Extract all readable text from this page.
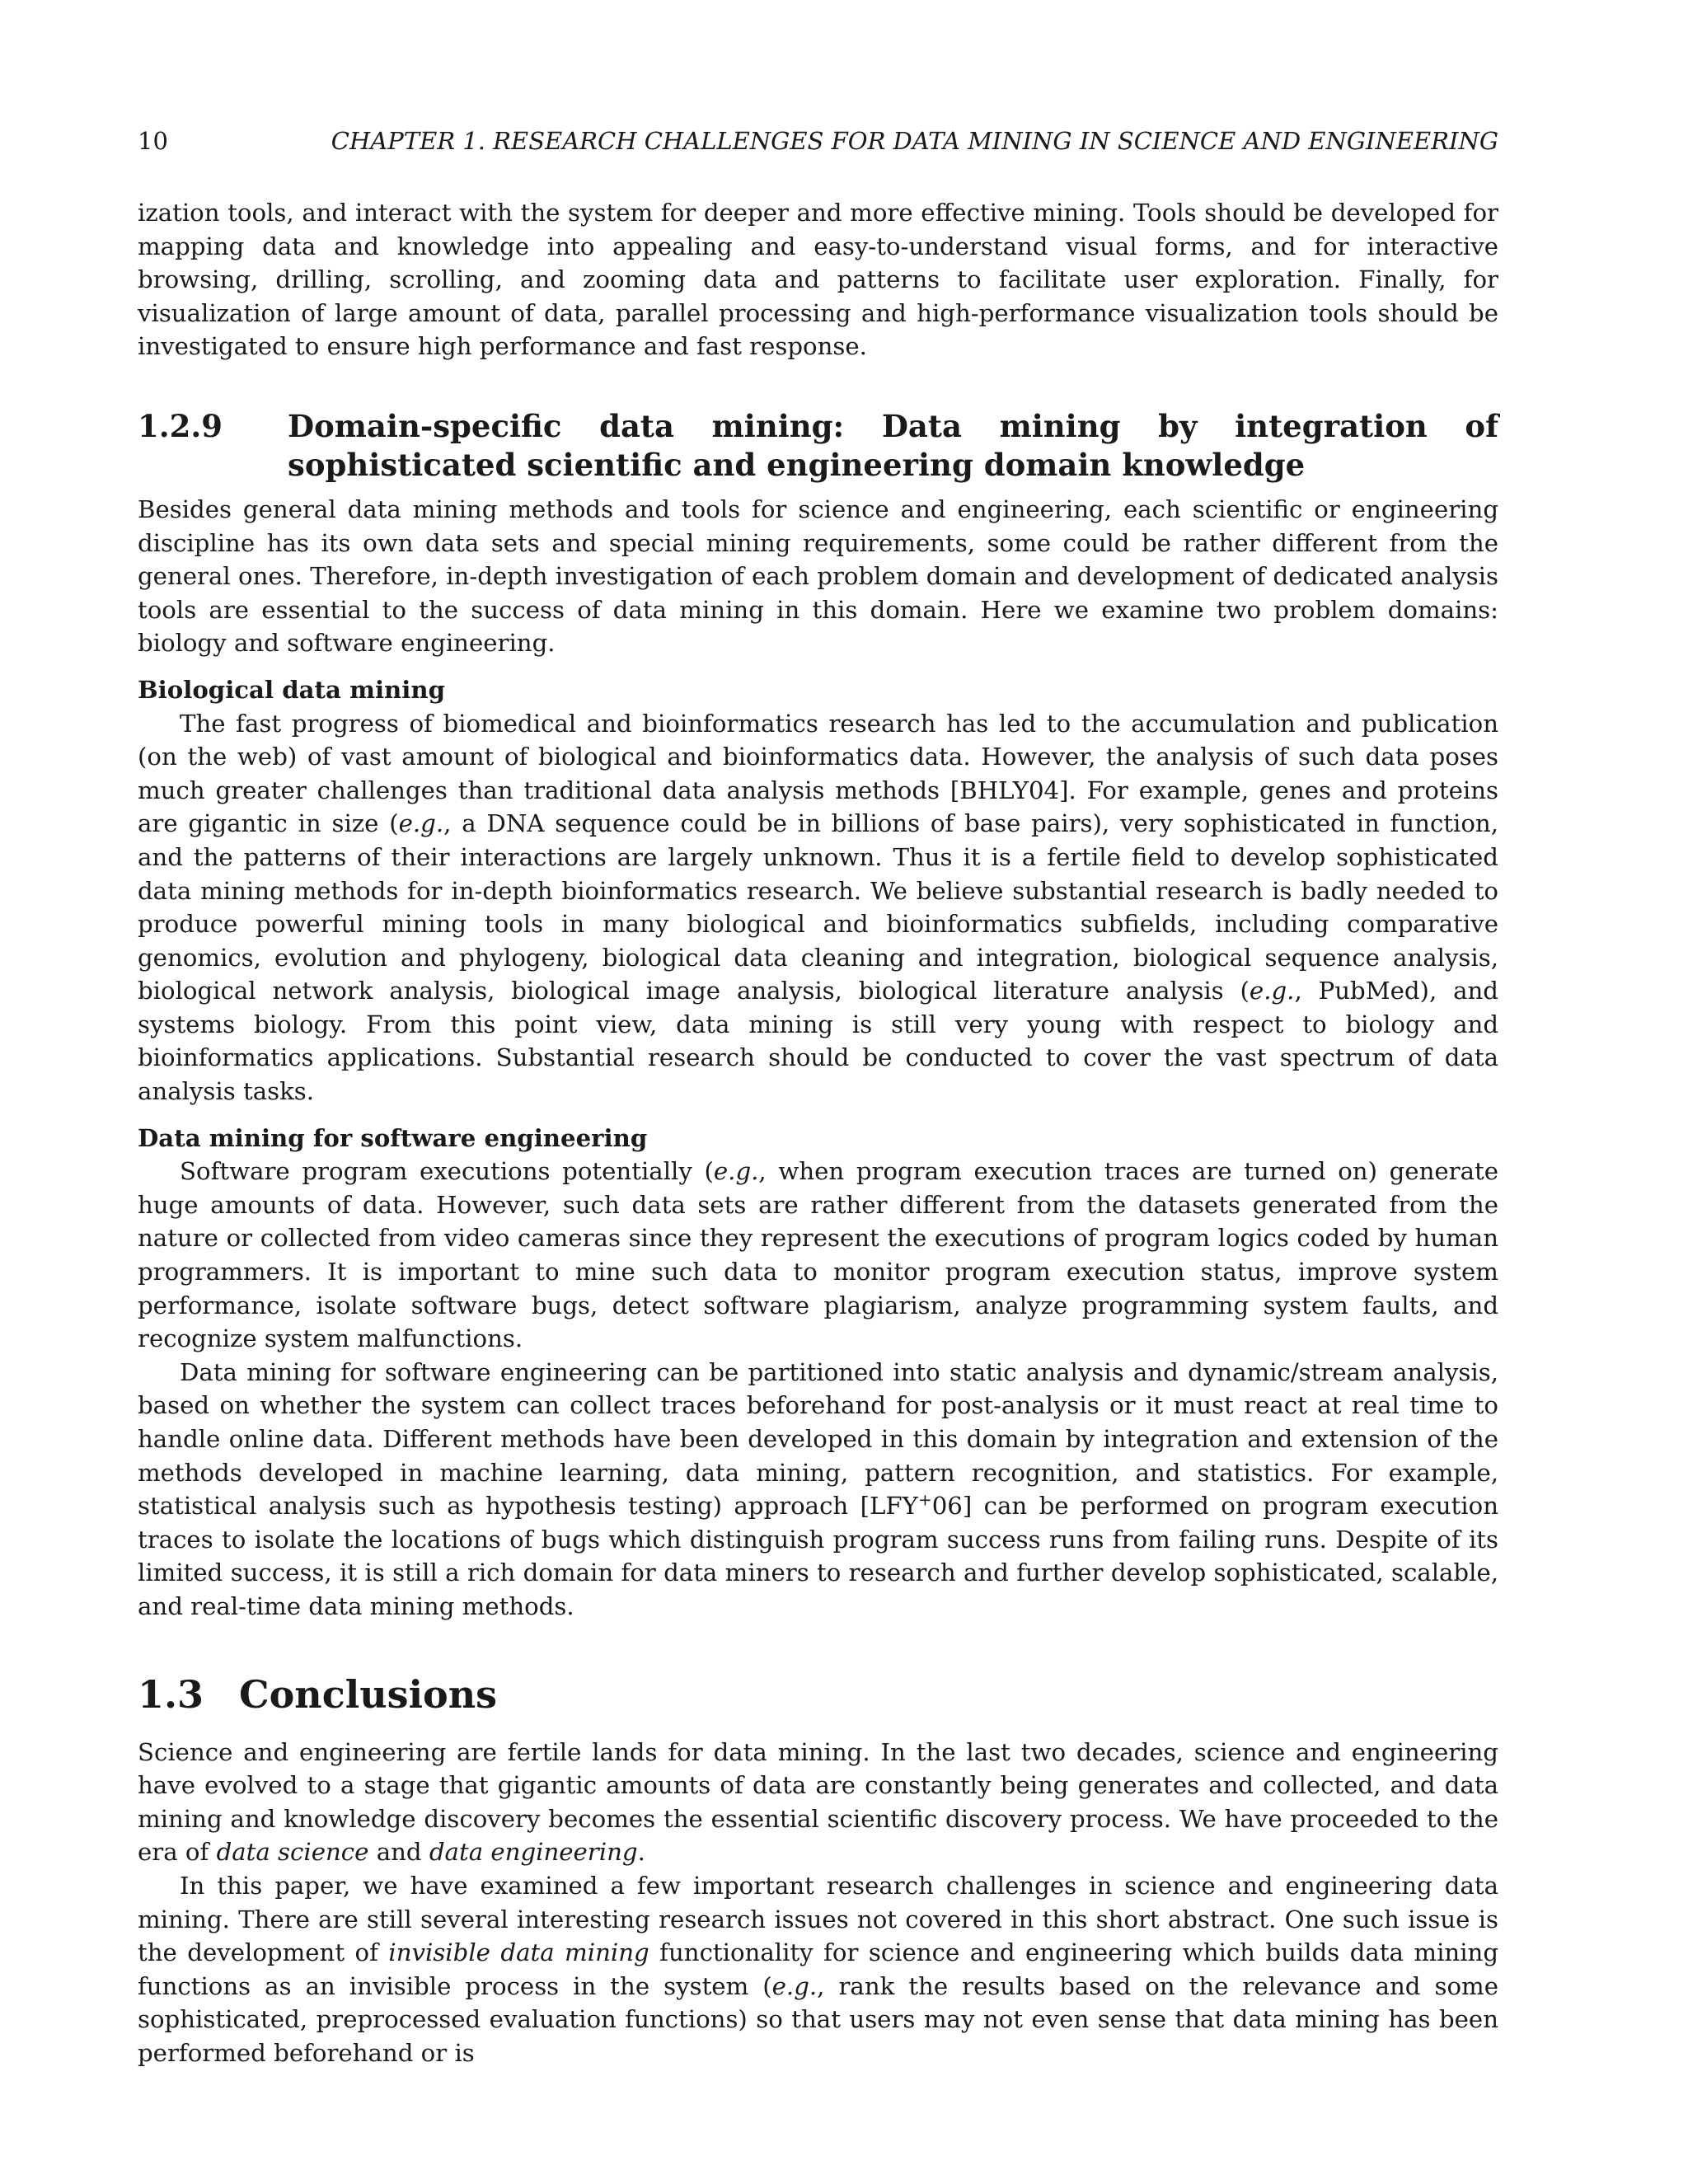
10	CHAPTER 1. RESEARCH CHALLENGES FOR DATA MINING IN SCIENCE AND ENGINEERING

ization tools, and interact with the system for deeper and more effective mining. Tools should be developed for mapping data and knowledge into appealing and easy-to-understand visual forms, and for interactive browsing, drilling, scrolling, and zooming data and patterns to facilitate user exploration. Finally, for visualization of large amount of data, parallel processing and high-performance visualization tools should be investigated to ensure high performance and fast response.

1.2.9 Domain-specific data mining: Data mining by integration of sophisticated scientific and engineering domain knowledge

Besides general data mining methods and tools for science and engineering, each scientific or engineering discipline has its own data sets and special mining requirements, some could be rather different from the general ones. Therefore, in-depth investigation of each problem domain and development of dedicated analysis tools are essential to the success of data mining in this domain. Here we examine two problem domains: biology and software engineering.

Biological data mining

The fast progress of biomedical and bioinformatics research has led to the accumulation and publication (on the web) of vast amount of biological and bioinformatics data. However, the analysis of such data poses much greater challenges than traditional data analysis methods [BHLY04]. For example, genes and proteins are gigantic in size (e.g., a DNA sequence could be in billions of base pairs), very sophisticated in function, and the patterns of their interactions are largely unknown. Thus it is a fertile field to develop sophisticated data mining methods for in-depth bioinformatics research. We believe substantial research is badly needed to produce powerful mining tools in many biological and bioinformatics subfields, including comparative genomics, evolution and phylogeny, biological data cleaning and integration, biological sequence analysis, biological network analysis, biological image analysis, biological literature analysis (e.g., PubMed), and systems biology. From this point view, data mining is still very young with respect to biology and bioinformatics applications. Substantial research should be conducted to cover the vast spectrum of data analysis tasks.

Data mining for software engineering

Software program executions potentially (e.g., when program execution traces are turned on) generate huge amounts of data. However, such data sets are rather different from the datasets generated from the nature or collected from video cameras since they represent the executions of program logics coded by human programmers. It is important to mine such data to monitor program execution status, improve system performance, isolate software bugs, detect software plagiarism, analyze programming system faults, and recognize system malfunctions.

Data mining for software engineering can be partitioned into static analysis and dynamic/stream analysis, based on whether the system can collect traces beforehand for post-analysis or it must react at real time to handle online data. Different methods have been developed in this domain by integration and extension of the methods developed in machine learning, data mining, pattern recognition, and statistics. For example, statistical analysis such as hypothesis testing) approach [LFY+06] can be performed on program execution traces to isolate the locations of bugs which distinguish program success runs from failing runs. Despite of its limited success, it is still a rich domain for data miners to research and further develop sophisticated, scalable, and real-time data mining methods.

1.3 Conclusions

Science and engineering are fertile lands for data mining. In the last two decades, science and engineering have evolved to a stage that gigantic amounts of data are constantly being generates and collected, and data mining and knowledge discovery becomes the essential scientific discovery process. We have proceeded to the era of data science and data engineering.

In this paper, we have examined a few important research challenges in science and engineering data mining. There are still several interesting research issues not covered in this short abstract. One such issue is the development of invisible data mining functionality for science and engineering which builds data mining functions as an invisible process in the system (e.g., rank the results based on the relevance and some sophisticated, preprocessed evaluation functions) so that users may not even sense that data mining has been performed beforehand or is
